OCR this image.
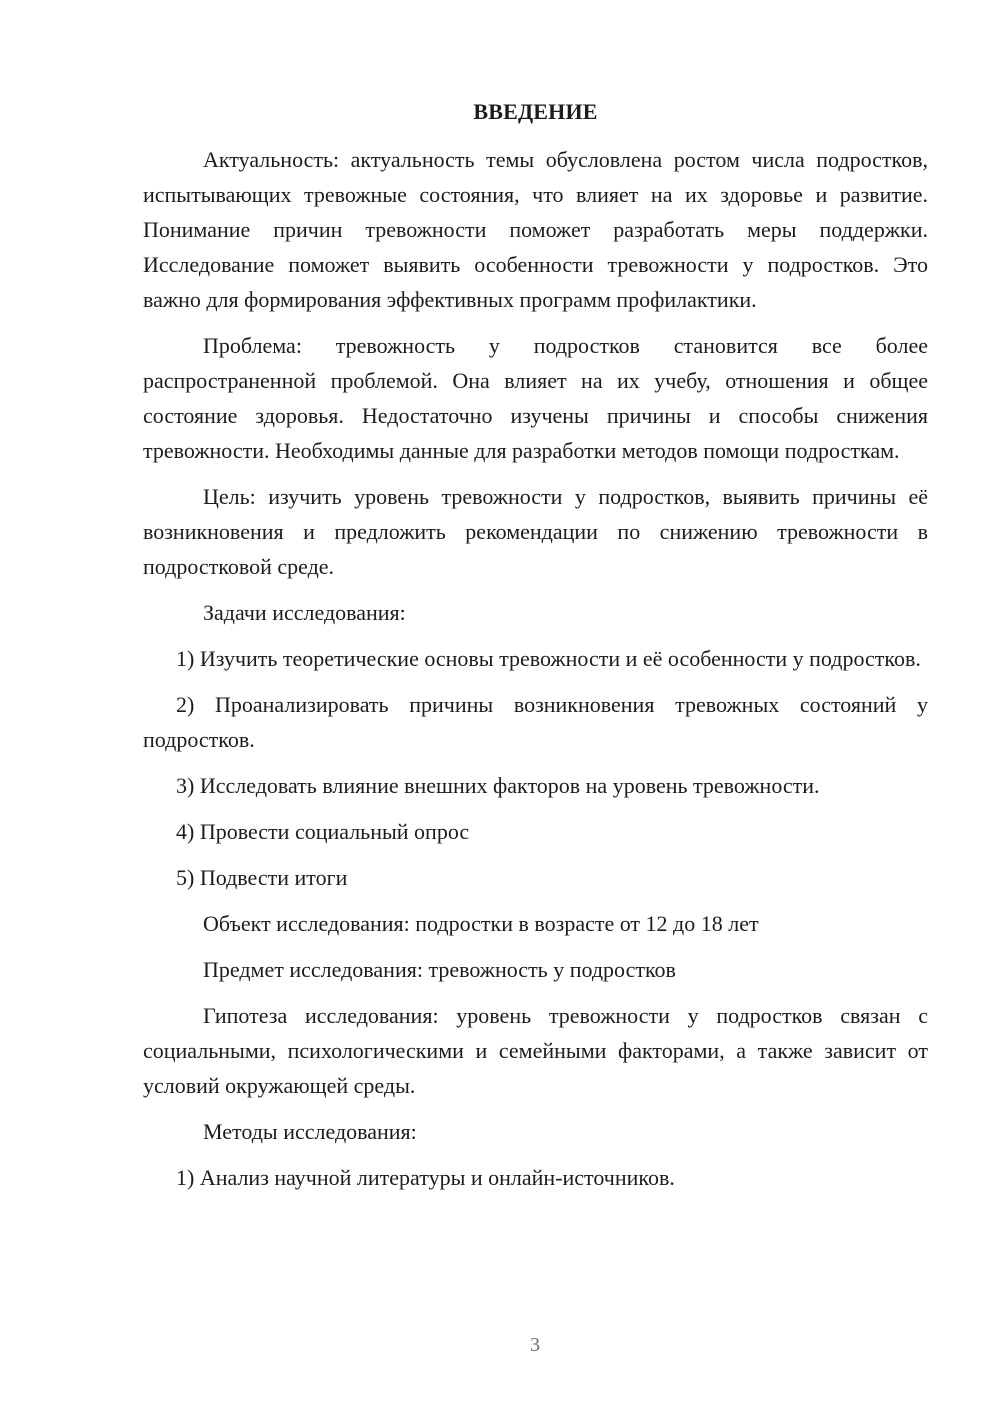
ВВЕДЕНИЕ

Актуальность: актуальность темы обусловлена ростом числа подростков, испытывающих тревожные состояния, что влияет на их здоровье и развитие. Понимание причин тревожности поможет разработать меры поддержки. Исследование поможет выявить особенности тревожности у подростков. Это важно для формирования эффективных программ профилактики.

Проблема: тревожность у подростков становится все более распространенной проблемой. Она влияет на их учебу, отношения и общее состояние здоровья. Недостаточно изучены причины и способы снижения тревожности. Необходимы данные для разработки методов помощи подросткам.

Цель: изучить уровень тревожности у подростков, выявить причины её возникновения и предложить рекомендации по снижению тревожности в подростковой среде.

Задачи исследования:

1) Изучить теоретические основы тревожности и её особенности у подростков.

2) Проанализировать причины возникновения тревожных состояний у подростков.

3) Исследовать влияние внешних факторов на уровень тревожности.

4) Провести социальный опрос

5) Подвести итоги

Объект исследования: подростки в возрасте от 12 до 18 лет

Предмет исследования: тревожность у подростков

Гипотеза исследования: уровень тревожности у подростков связан с социальными, психологическими и семейными факторами, а также зависит от условий окружающей среды.

Методы исследования:

1) Анализ научной литературы и онлайн-источников.

3
